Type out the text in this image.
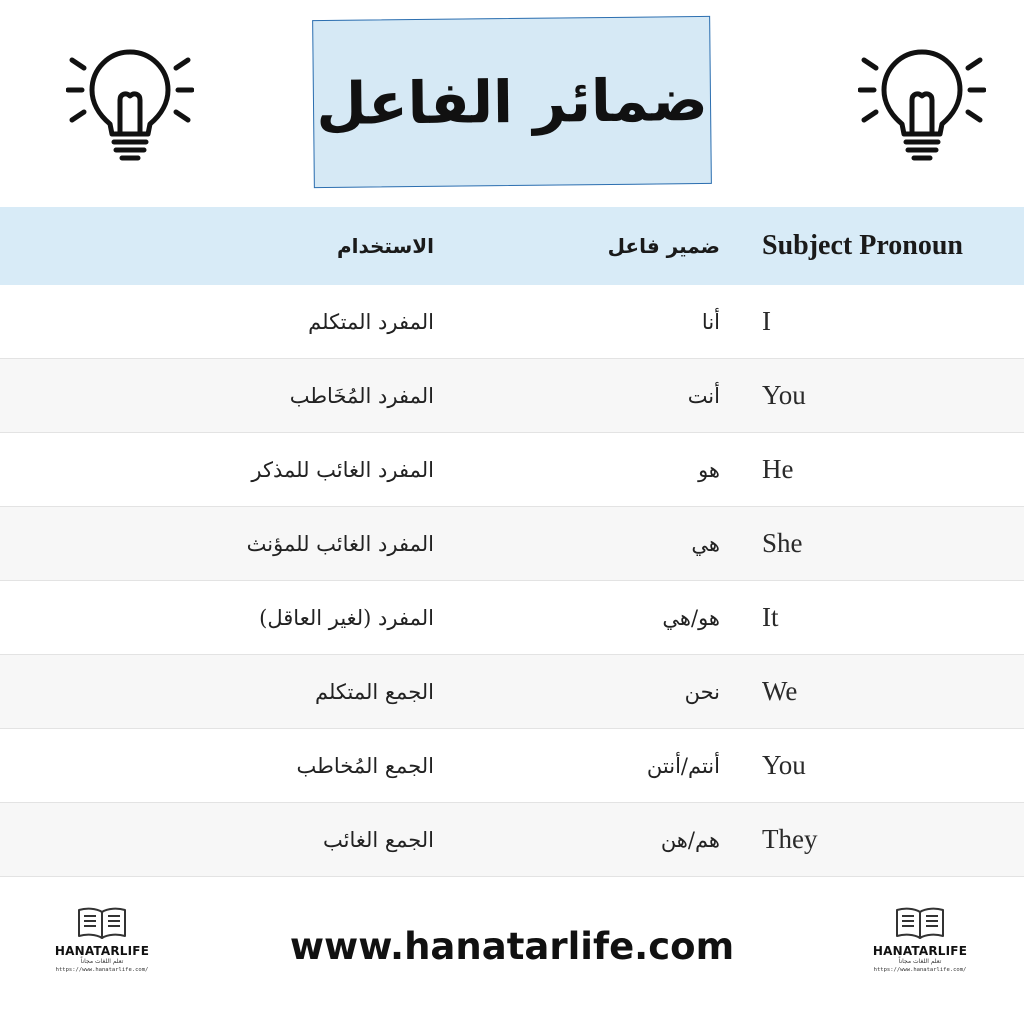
ضمائر الفاعل
الاستخدام	ضمير فاعل Subject Pronoun
المفرد المتكلم	أنا I
المفرد المُخَاطب	أنت You
المفرد الغائب للمذكر	هو He
المفرد الغائب للمؤنث	هي She
المفرد (لغير العاقل)	هو/هي It
الجمع المتكلم	نحن We
الجمع المُخاطب	أنتم/أنتن You
الجمع الغائب	هم/هن They
HANATARLIFE
تعلم اللغات مجاناً
https://www.hanatarlife.com/
www.hanatarlife.com	HANATARLIFE
تعلم اللغات مجاناً
https://www.hanatarlife.com/
